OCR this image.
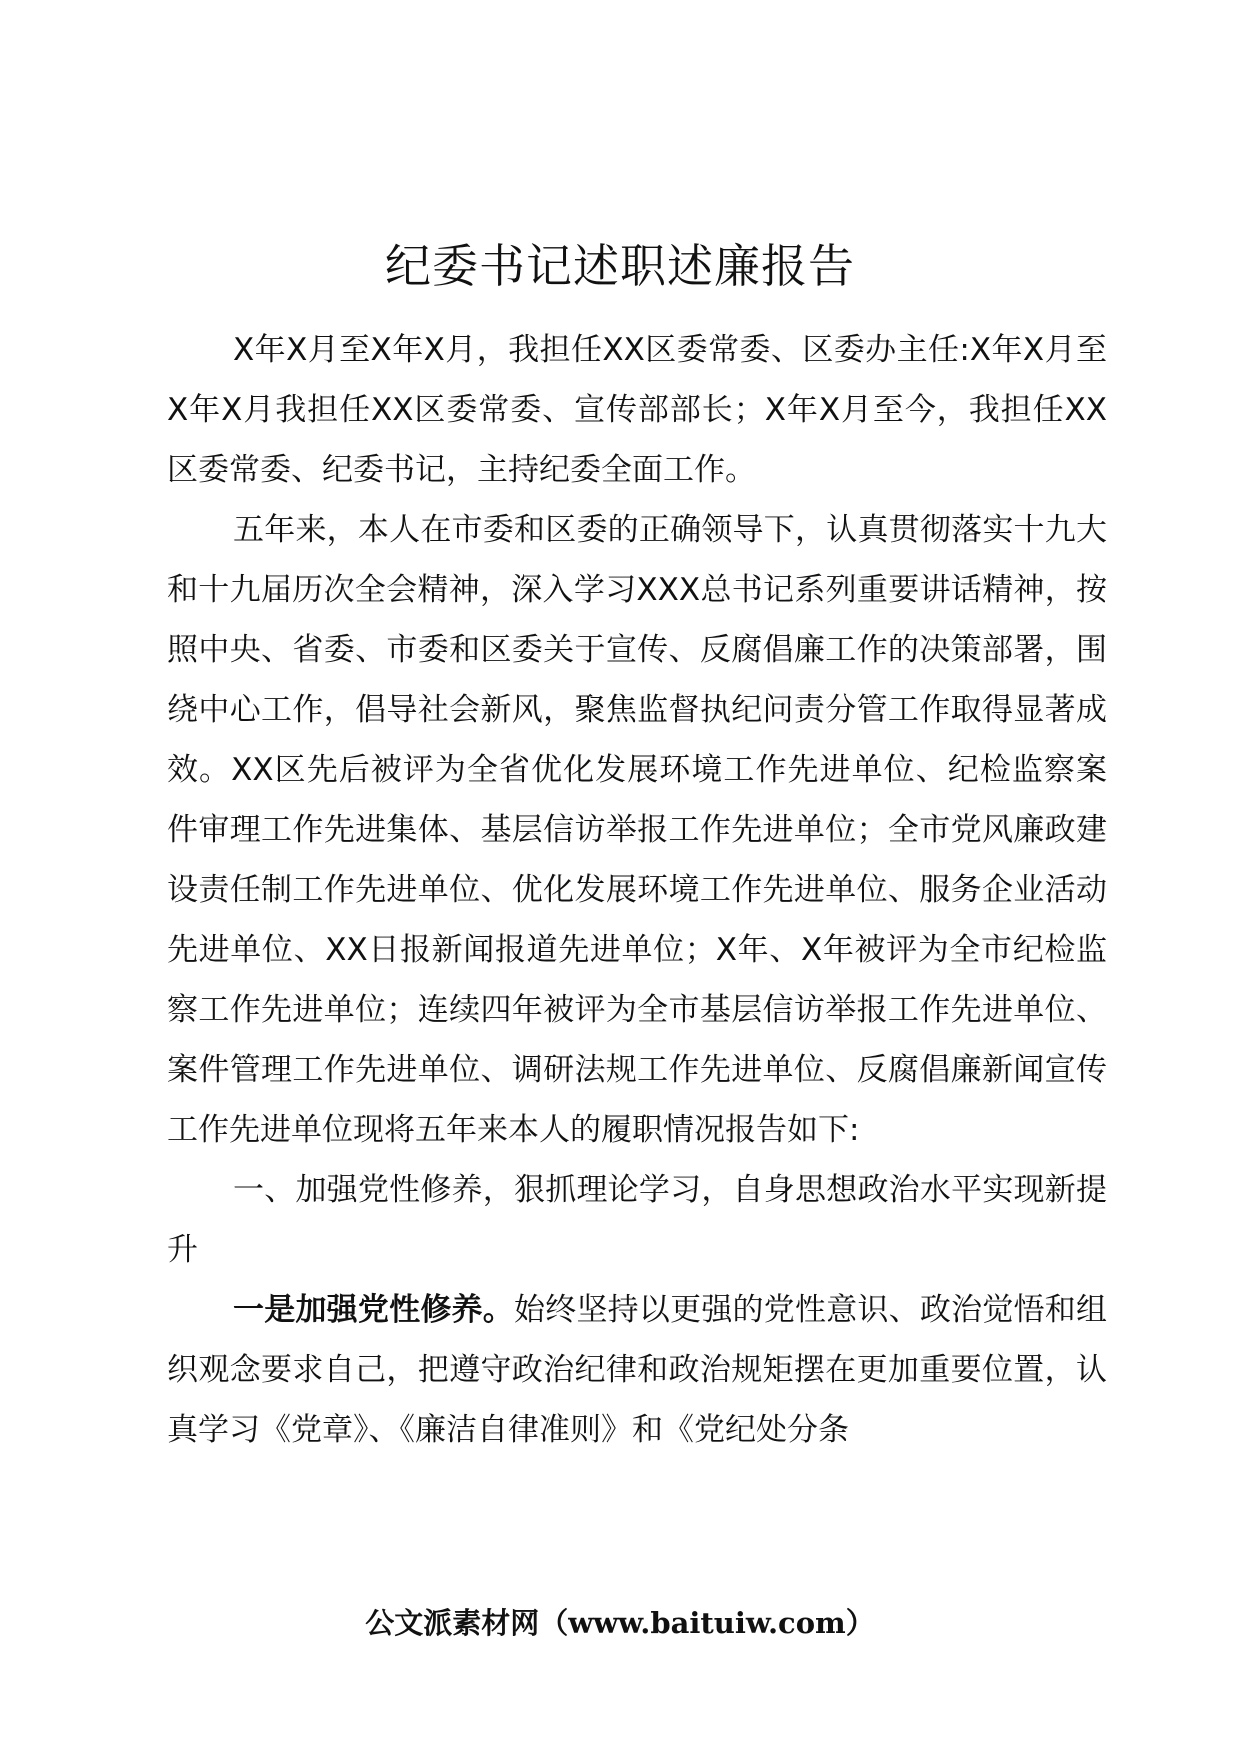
纪委书记述职述廉报告

X年X月至X年X月，我担任XX区委常委、区委办主任:X年X月至X年X月我担任XX区委常委、宣传部部长；X年X月至今，我担任XX区委常委、纪委书记，主持纪委全面工作。

五年来，本人在市委和区委的正确领导下，认真贯彻落实十九大和十九届历次全会精神，深入学习XXX总书记系列重要讲话精神，按照中央、省委、市委和区委关于宣传、反腐倡廉工作的决策部署，围绕中心工作，倡导社会新风，聚焦监督执纪问责分管工作取得显著成效。XX区先后被评为全省优化发展环境工作先进单位、纪检监察案件审理工作先进集体、基层信访举报工作先进单位；全市党风廉政建设责任制工作先进单位、优化发展环境工作先进单位、服务企业活动先进单位、XX日报新闻报道先进单位；X年、X年被评为全市纪检监察工作先进单位；连续四年被评为全市基层信访举报工作先进单位、案件管理工作先进单位、调研法规工作先进单位、反腐倡廉新闻宣传工作先进单位现将五年来本人的履职情况报告如下:

一、加强党性修养，狠抓理论学习，自身思想政治水平实现新提升

一是加强党性修养。始终坚持以更强的党性意识、政治觉悟和组织观念要求自己，把遵守政治纪律和政治规矩摆在更加重要位置，认真学习《党章》、《廉洁自律准则》和《党纪处分条

公文派素材网（www.baituiw.com）
